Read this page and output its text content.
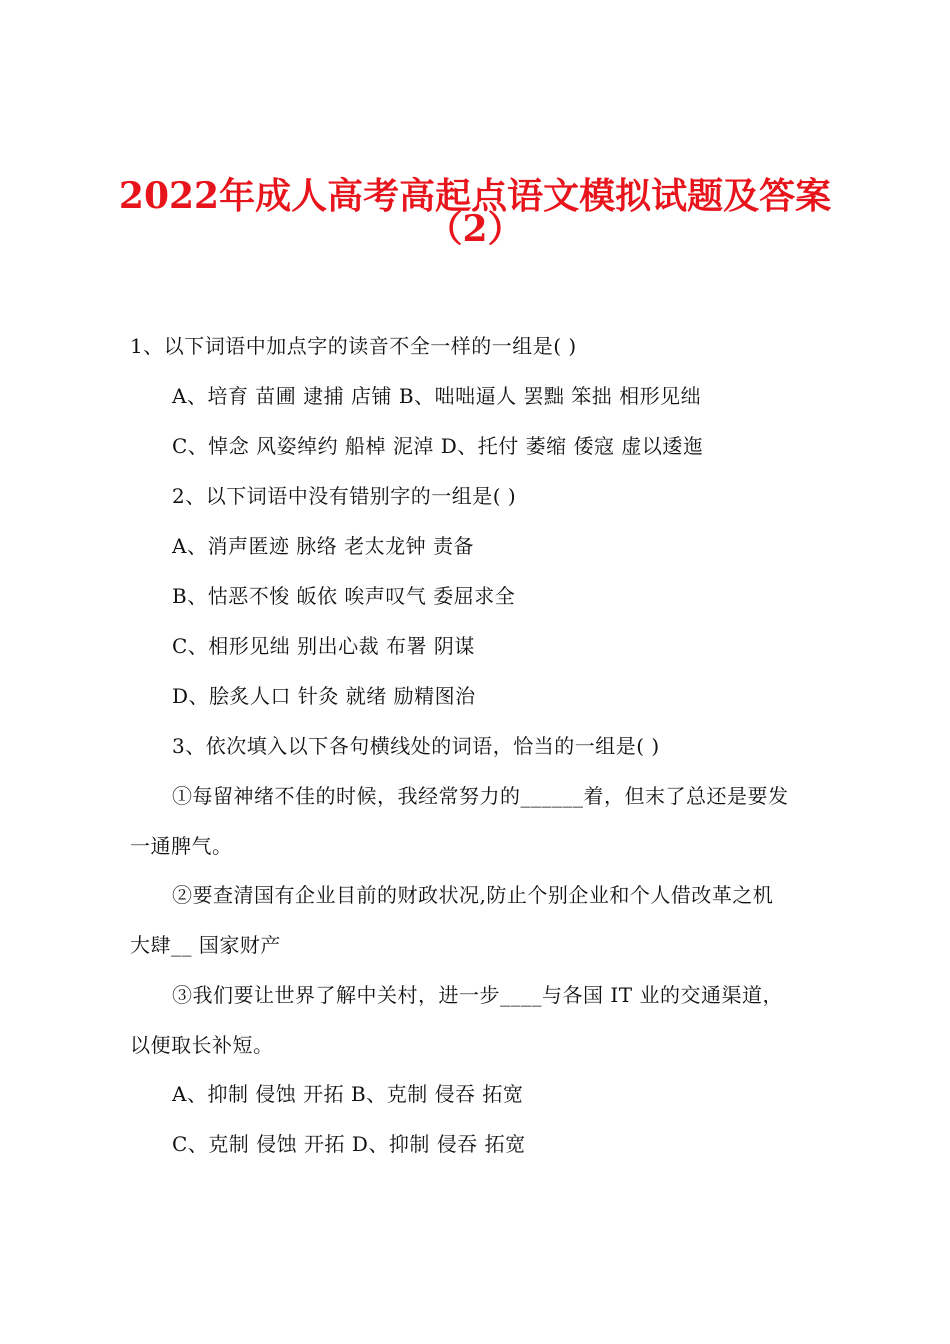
2022年成人高考高起点语文模拟试题及答案
（2）
1、以下词语中加点字的读音不全一样的一组是( )
A、培育 苗圃 逮捕 店铺 B、咄咄逼人 罢黜 笨拙 相形见绌
C、悼念 风姿绰约 船棹 泥淖 D、托付 萎缩 倭寇 虚以逶迤
2、以下词语中没有错别字的一组是( )
A、消声匿迹 脉络 老太龙钟 责备
B、怙恶不悛 皈依 唉声叹气 委屈求全
C、相形见绌 别出心裁 布署 阴谋
D、脍炙人口 针灸 就绪 励精图治
3、依次填入以下各句横线处的词语，恰当的一组是( )
①每留神绪不佳的时候，我经常努力的______着，但末了总还是要发
一通脾气。
②要查清国有企业目前的财政状况,防止个别企业和个人借改革之机
大肆__ 国家财产
③我们要让世界了解中关村，进一步____与各国 IT 业的交通渠道，
以便取长补短。
A、抑制 侵蚀 开拓 B、克制 侵吞 拓宽
C、克制 侵蚀 开拓 D、抑制 侵吞 拓宽
